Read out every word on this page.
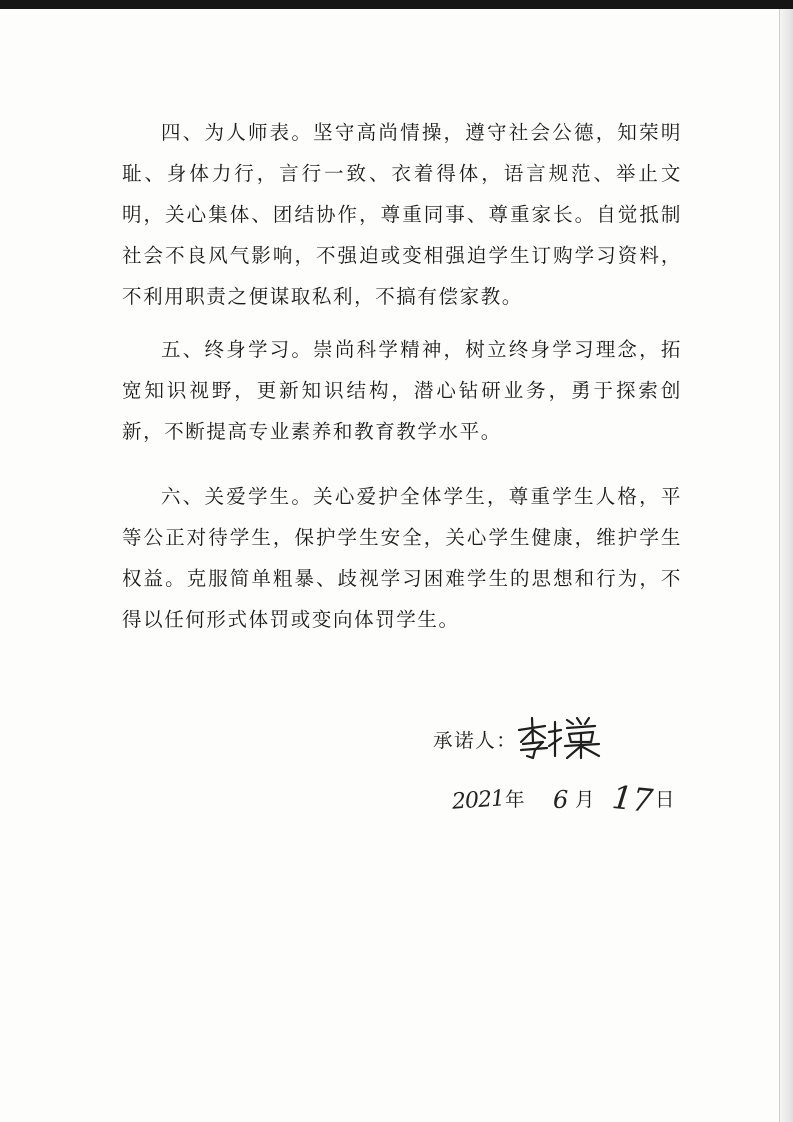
四、为人师表。坚守高尚情操，遵守社会公德，知荣明耻、身体力行，言行一致、衣着得体，语言规范、举止文明，关心集体、团结协作，尊重同事、尊重家长。自觉抵制社会不良风气影响，不强迫或变相强迫学生订购学习资料，不利用职责之便谋取私利，不搞有偿家教。

五、终身学习。崇尚科学精神，树立终身学习理念，拓宽知识视野，更新知识结构，潜心钻研业务，勇于探索创新，不断提高专业素养和教育教学水平。

六、关爱学生。关心爱护全体学生，尊重学生人格，平等公正对待学生，保护学生安全，关心学生健康，维护学生权益。克服简单粗暴、歧视学习困难学生的思想和行为，不得以任何形式体罚或变向体罚学生。

承诺人：
2021 年 6 月 17 日
